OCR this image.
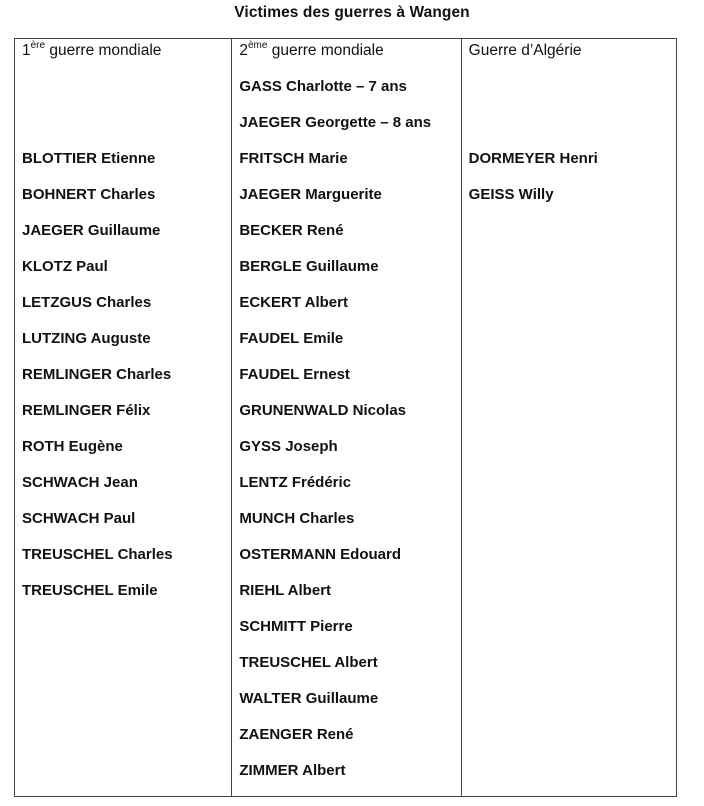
Victimes des guerres à Wangen
1ère guerre mondiale
BLOTTIER Etienne
BOHNERT Charles
JAEGER Guillaume
KLOTZ Paul
LETZGUS Charles
LUTZING Auguste
REMLINGER Charles
REMLINGER Félix
ROTH Eugène
SCHWACH Jean
SCHWACH Paul
TREUSCHEL Charles
TREUSCHEL Emile
2ème guerre mondiale
GASS Charlotte – 7 ans
JAEGER Georgette – 8 ans
FRITSCH Marie
JAEGER Marguerite
BECKER René
BERGLE Guillaume
ECKERT Albert
FAUDEL Emile
FAUDEL Ernest
GRUNENWALD Nicolas
GYSS Joseph
LENTZ Frédéric
MUNCH Charles
OSTERMANN Edouard
RIEHL Albert
SCHMITT Pierre
TREUSCHEL Albert
WALTER Guillaume
ZAENGER René
ZIMMER Albert
Guerre d’Algérie
DORMEYER Henri
GEISS Willy
